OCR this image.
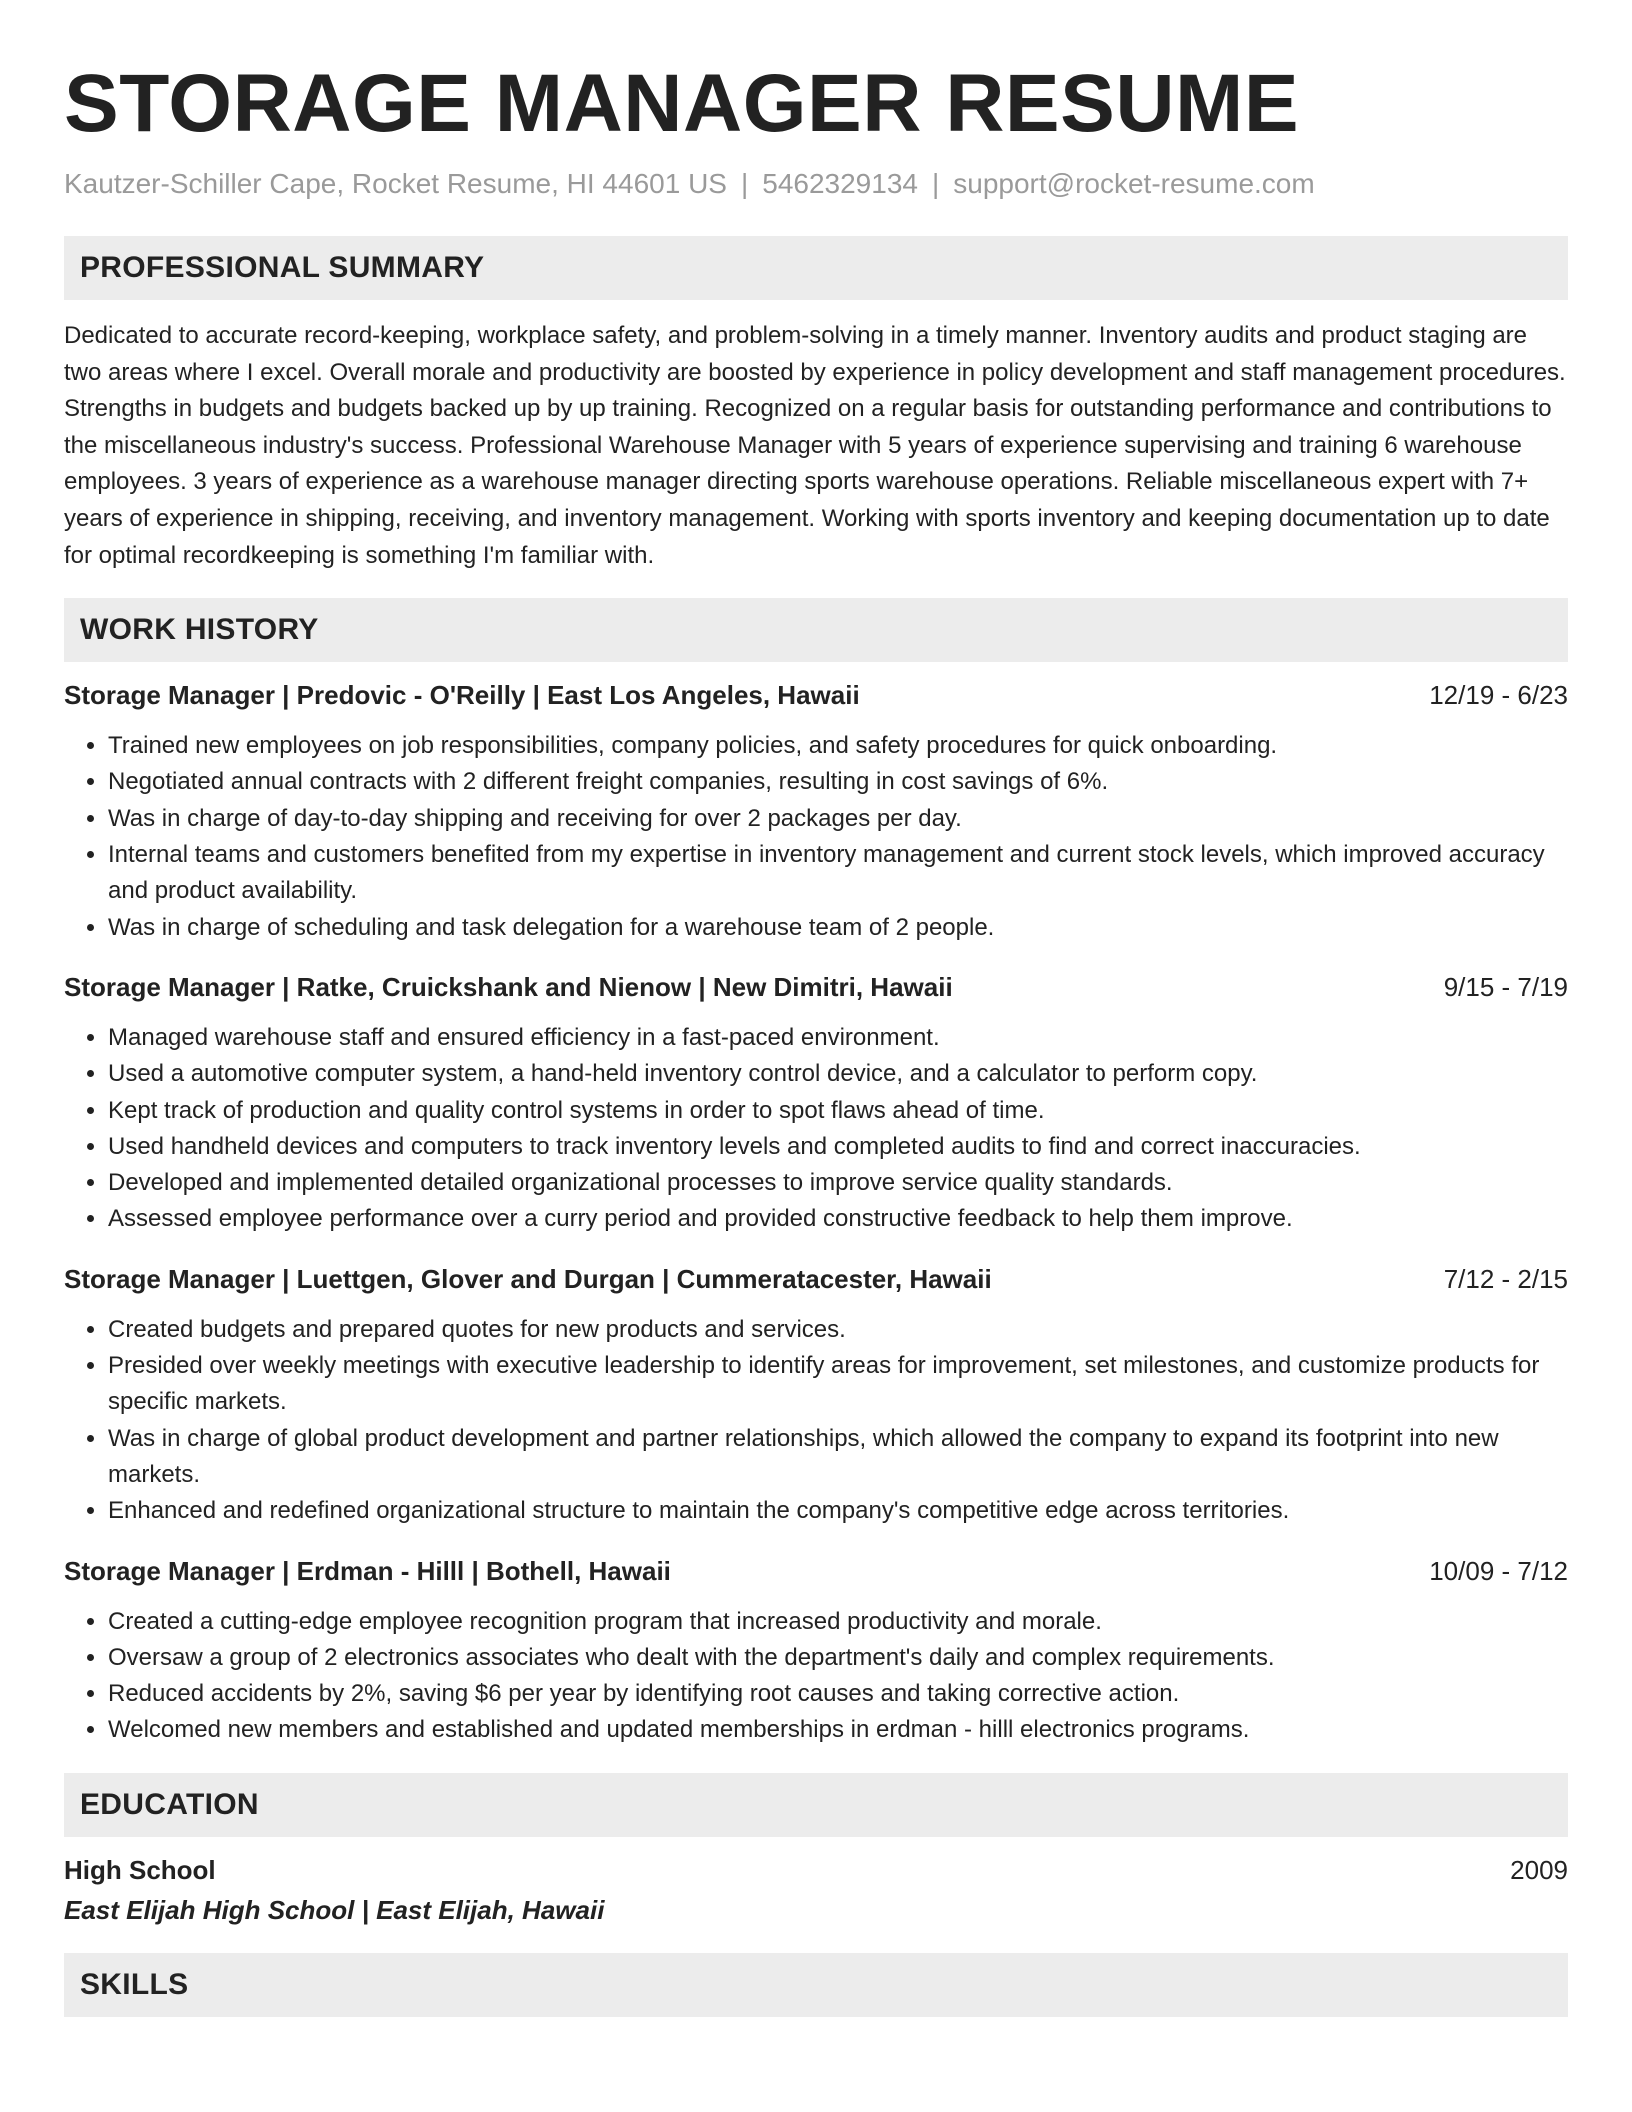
STORAGE MANAGER RESUME
Kautzer-Schiller Cape, Rocket Resume, HI 44601 US | 5462329134 | support@rocket-resume.com
PROFESSIONAL SUMMARY
Dedicated to accurate record-keeping, workplace safety, and problem-solving in a timely manner. Inventory audits and product staging are two areas where I excel. Overall morale and productivity are boosted by experience in policy development and staff management procedures. Strengths in budgets and budgets backed up by up training. Recognized on a regular basis for outstanding performance and contributions to the miscellaneous industry's success. Professional Warehouse Manager with 5 years of experience supervising and training 6 warehouse employees. 3 years of experience as a warehouse manager directing sports warehouse operations. Reliable miscellaneous expert with 7+ years of experience in shipping, receiving, and inventory management. Working with sports inventory and keeping documentation up to date for optimal recordkeeping is something I'm familiar with.
WORK HISTORY
Storage Manager | Predovic - O'Reilly | East Los Angeles, Hawaii	12/19 - 6/23
• Trained new employees on job responsibilities, company policies, and safety procedures for quick onboarding.
• Negotiated annual contracts with 2 different freight companies, resulting in cost savings of 6%.
• Was in charge of day-to-day shipping and receiving for over 2 packages per day.
• Internal teams and customers benefited from my expertise in inventory management and current stock levels, which improved accuracy and product availability.
• Was in charge of scheduling and task delegation for a warehouse team of 2 people.
Storage Manager | Ratke, Cruickshank and Nienow | New Dimitri, Hawaii	9/15 - 7/19
• Managed warehouse staff and ensured efficiency in a fast-paced environment.
• Used a automotive computer system, a hand-held inventory control device, and a calculator to perform copy.
• Kept track of production and quality control systems in order to spot flaws ahead of time.
• Used handheld devices and computers to track inventory levels and completed audits to find and correct inaccuracies.
• Developed and implemented detailed organizational processes to improve service quality standards.
• Assessed employee performance over a curry period and provided constructive feedback to help them improve.
Storage Manager | Luettgen, Glover and Durgan | Cummeratacester, Hawaii	7/12 - 2/15
• Created budgets and prepared quotes for new products and services.
• Presided over weekly meetings with executive leadership to identify areas for improvement, set milestones, and customize products for specific markets.
• Was in charge of global product development and partner relationships, which allowed the company to expand its footprint into new markets.
• Enhanced and redefined organizational structure to maintain the company's competitive edge across territories.
Storage Manager | Erdman - Hilll | Bothell, Hawaii	10/09 - 7/12
• Created a cutting-edge employee recognition program that increased productivity and morale.
• Oversaw a group of 2 electronics associates who dealt with the department's daily and complex requirements.
• Reduced accidents by 2%, saving $6 per year by identifying root causes and taking corrective action.
• Welcomed new members and established and updated memberships in erdman - hilll electronics programs.
EDUCATION
High School	2009
East Elijah High School | East Elijah, Hawaii
SKILLS
